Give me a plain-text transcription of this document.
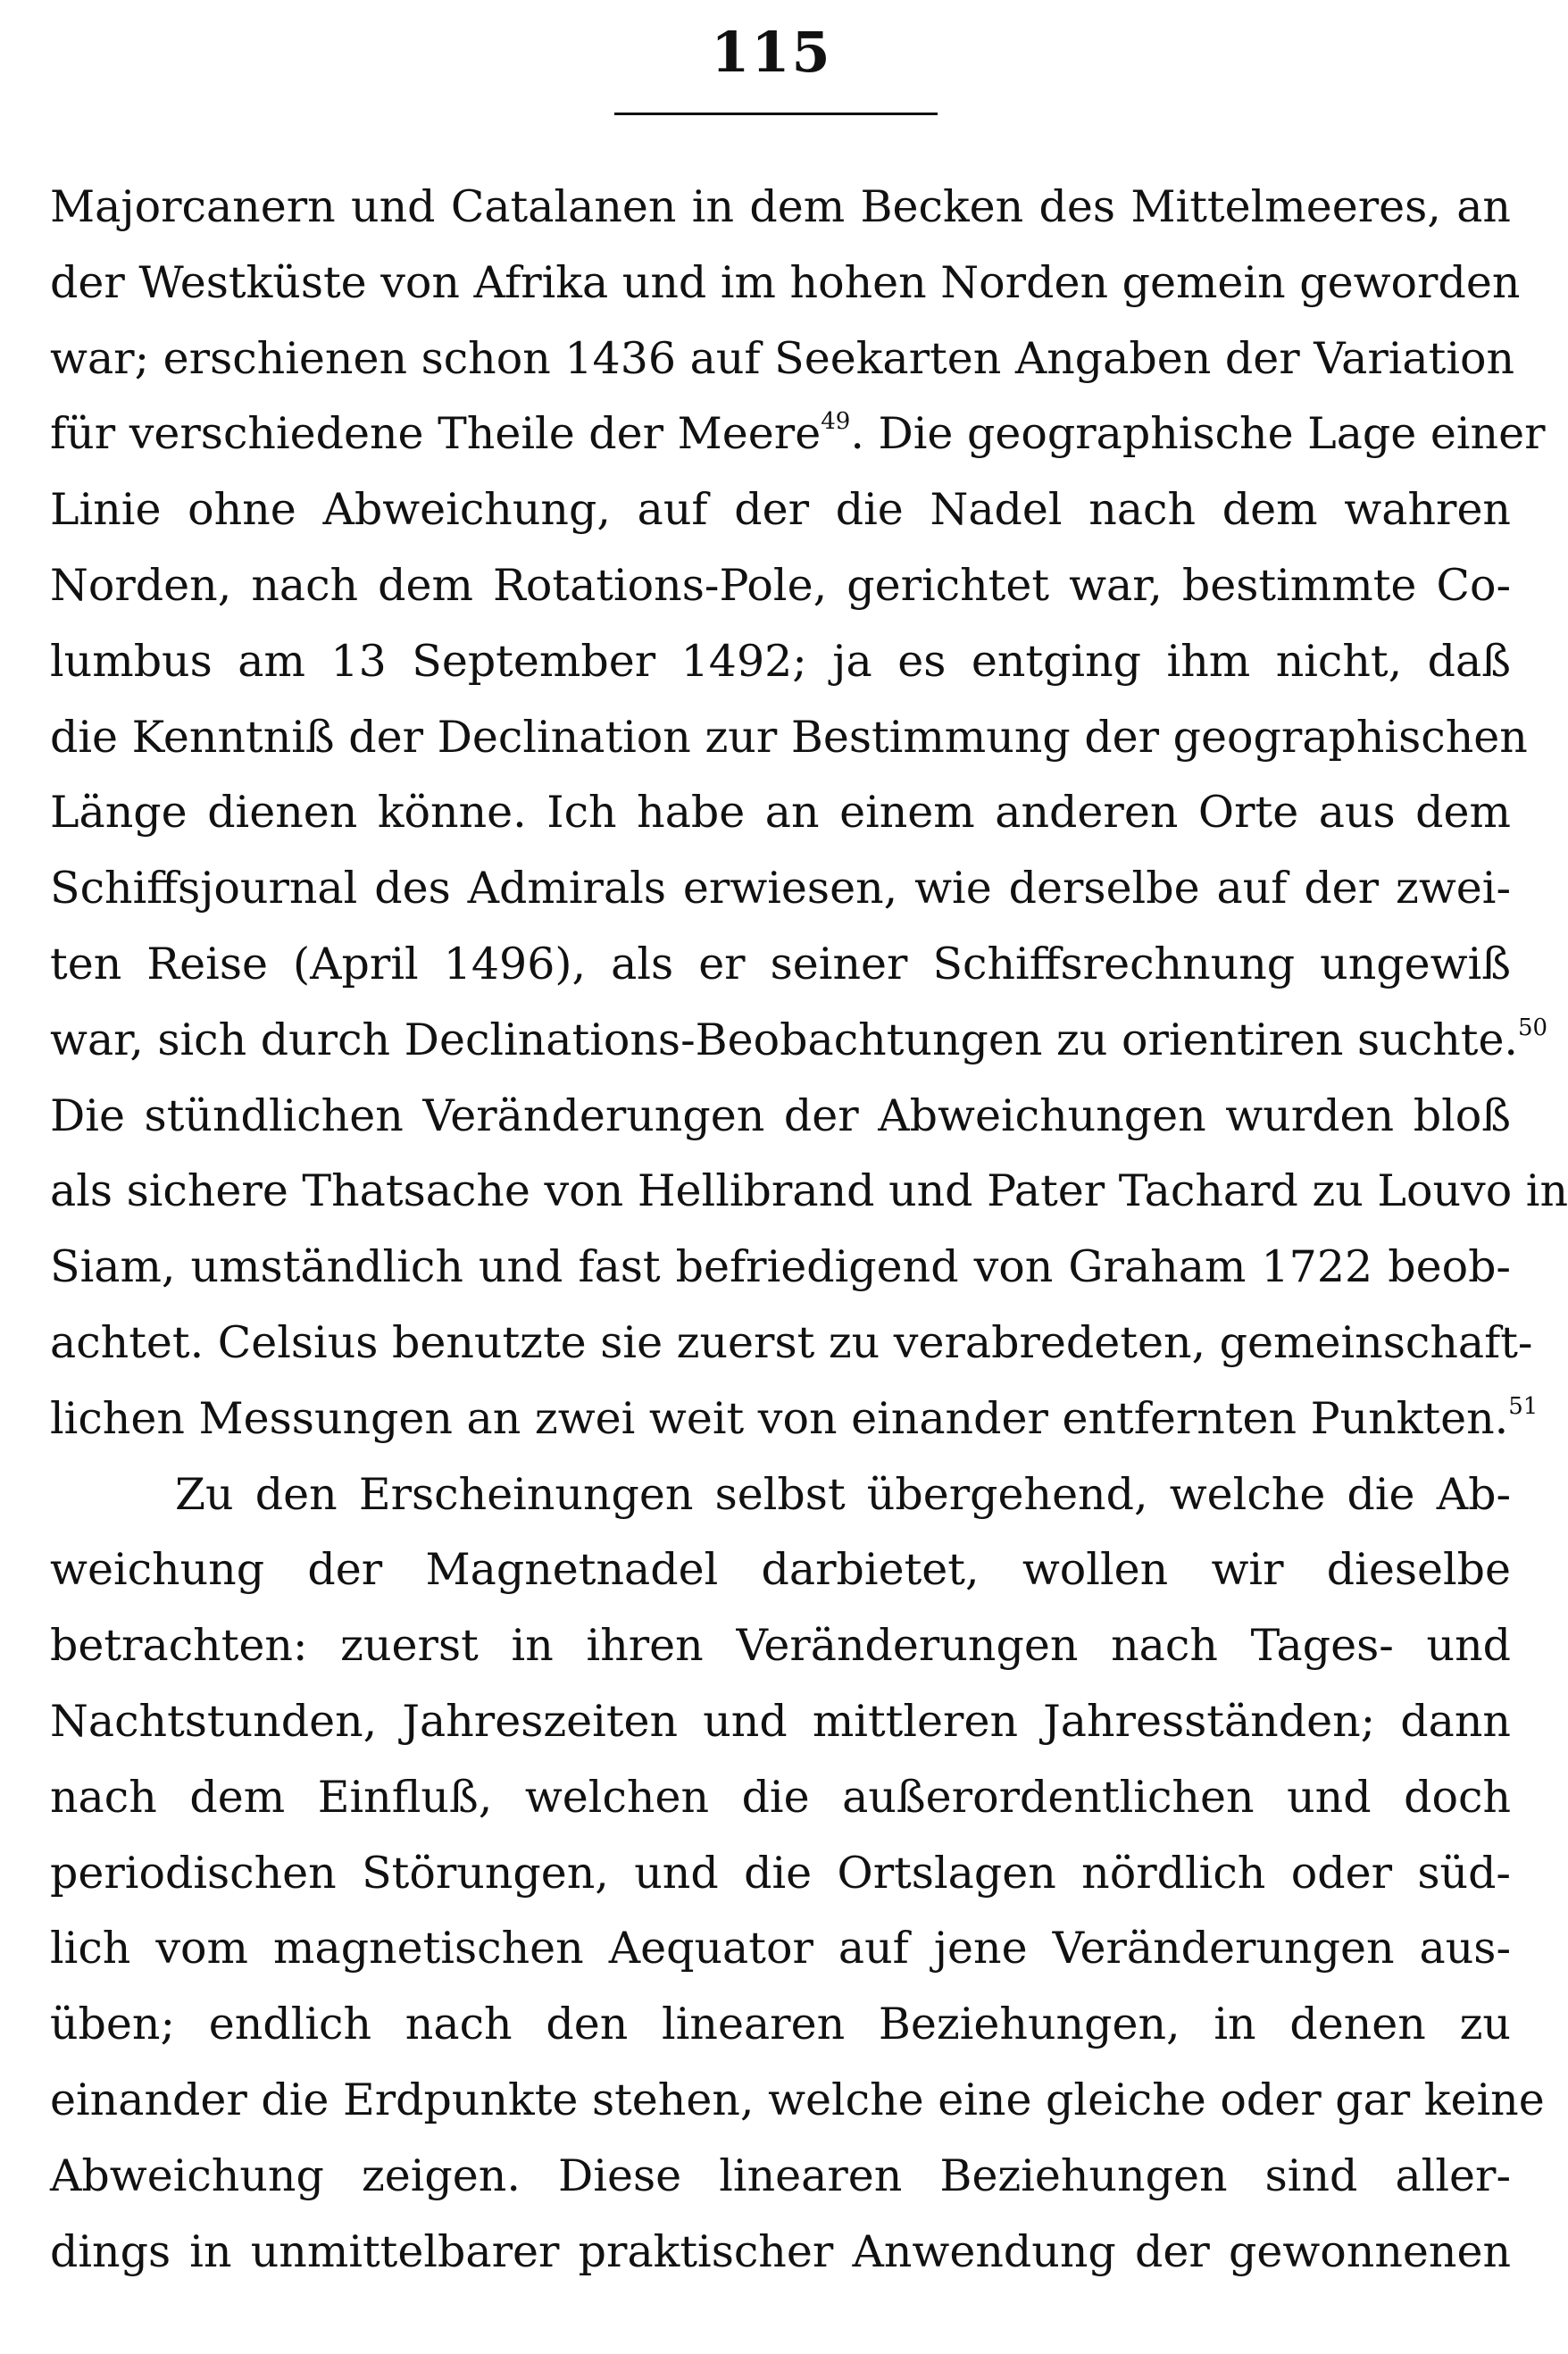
115
Majorcanern und Catalanen in dem Becken des Mittelmeeres, an
der Westküste von Afrika und im hohen Norden gemein geworden
war; erschienen schon 1436 auf Seekarten Angaben der Variation
für verschiedene Theile der Meere$^{49}$. Die geographische Lage einer
Linie ohne Abweichung, auf der die Nadel nach dem wahren
Norden, nach dem Rotations-Pole, gerichtet war, bestimmte Co-
lumbus am 13 September 1492; ja es entging ihm nicht, daß
die Kenntniß der Declination zur Bestimmung der geographischen
Länge dienen könne. Ich habe an einem anderen Orte aus dem
Schiffsjournal des Admirals erwiesen, wie derselbe auf der zwei-
ten Reise (April 1496), als er seiner Schiffsrechnung ungewiß
war, sich durch Declinations-Beobachtungen zu orientiren suchte.$^{50}$
Die stündlichen Veränderungen der Abweichungen wurden bloß
als sichere Thatsache von Hellibrand und Pater Tachard zu Louvo in
Siam, umständlich und fast befriedigend von Graham 1722 beob-
achtet. Celsius benutzte sie zuerst zu verabredeten, gemeinschaft-
lichen Messungen an zwei weit von einander entfernten Punkten.$^{51}$
Zu den Erscheinungen selbst übergehend, welche die Ab-
weichung der Magnetnadel darbietet, wollen wir dieselbe
betrachten: zuerst in ihren Veränderungen nach Tages- und
Nachtstunden, Jahreszeiten und mittleren Jahresständen; dann
nach dem Einfluß, welchen die außerordentlichen und doch
periodischen Störungen, und die Ortslagen nördlich oder süd-
lich vom magnetischen Aequator auf jene Veränderungen aus-
üben; endlich nach den linearen Beziehungen, in denen zu
einander die Erdpunkte stehen, welche eine gleiche oder gar keine
Abweichung zeigen. Diese linearen Beziehungen sind aller-
dings in unmittelbarer praktischer Anwendung der gewonnenen
